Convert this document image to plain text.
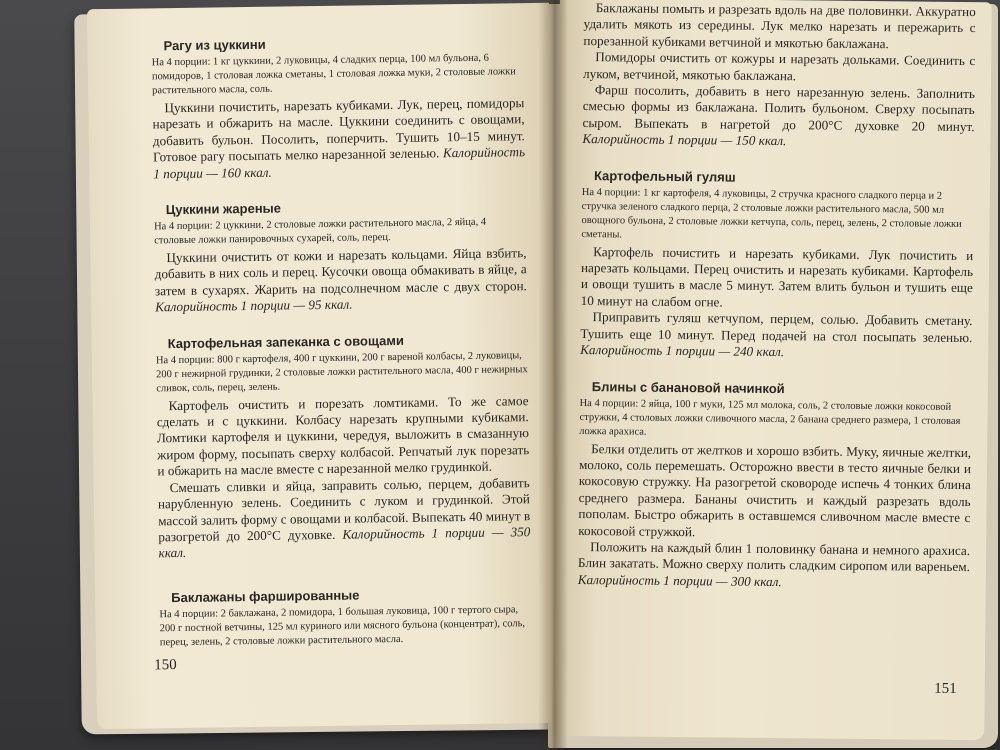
Рагу из цуккини

На 4 порции: 1 кг цуккини, 2 луковицы, 4 сладких перца, 100 мл бульона, 6 помидоров, 1 столовая ложка сметаны, 1 столовая ложка муки, 2 столовые ложки растительного масла, соль.

Цуккини почистить, нарезать кубиками. Лук, перец, помидоры нарезать и обжарить на масле. Цуккини соединить с овощами, добавить бульон. Посолить, поперчить. Тушить 10–15 минут. Готовое рагу посыпать мелко нарезанной зеленью. Калорийность 1 порции — 160 ккал.

Цуккини жареные

На 4 порции: 2 цуккини, 2 столовые ложки растительного масла, 2 яйца, 4 столовые ложки панировочных сухарей, соль, перец.

Цуккини очистить от кожи и нарезать кольцами. Яйца взбить, добавить в них соль и перец. Кусочки овоща обмакивать в яйце, а затем в сухарях. Жарить на подсолнечном масле с двух сторон. Калорийность 1 порции — 95 ккал.

Картофельная запеканка с овощами

На 4 порции: 800 г картофеля, 400 г цуккини, 200 г вареной колбасы, 2 луковицы, 200 г нежирной грудинки, 2 столовые ложки растительного масла, 400 г нежирных сливок, соль, перец, зелень.

Картофель очистить и порезать ломтиками. То же самое сделать и с цуккини. Колбасу нарезать крупными кубиками. Ломтики картофеля и цуккини, чередуя, выложить в смазанную жиром форму, посыпать сверху колбасой. Репчатый лук порезать и обжарить на масле вместе с нарезанной мелко грудинкой.

Смешать сливки и яйца, заправить солью, перцем, добавить нарубленную зелень. Соединить с луком и грудинкой. Этой массой залить форму с овощами и колбасой. Выпекать 40 минут в разогретой до 200°С духовке. Калорийность 1 порции — 350 ккал.

Баклажаны фаршированные

На 4 порции: 2 баклажана, 2 помидора, 1 большая луковица, 100 г тертого сыра, 200 г постной ветчины, 125 мл куриного или мясного бульона (концентрат), соль, перец, зелень, 2 столовые ложки растительного масла.

150

Баклажаны помыть и разрезать вдоль на две половинки. Аккуратно удалить мякоть из середины. Лук мелко нарезать и пережарить с порезанной кубиками ветчиной и мякотью баклажана.

Помидоры очистить от кожуры и нарезать дольками. Соединить с луком, ветчиной, мякотью баклажана.

Фарш посолить, добавить в него нарезанную зелень. Заполнить смесью формы из баклажана. Полить бульоном. Сверху посыпать сыром. Выпекать в нагретой до 200°С духовке 20 минут. Калорийность 1 порции — 150 ккал.

Картофельный гуляш

На 4 порции: 1 кг картофеля, 4 луковицы, 2 стручка красного сладкого перца и 2 стручка зеленого сладкого перца, 2 столовые ложки растительного масла, 500 мл овощного бульона, 2 столовые ложки кетчупа, соль, перец, зелень, 2 столовые ложки сметаны.

Картофель почистить и нарезать кубиками. Лук почистить и нарезать кольцами. Перец очистить и нарезать кубиками. Картофель и овощи тушить в масле 5 минут. Затем влить бульон и тушить еще 10 минут на слабом огне.

Приправить гуляш кетчупом, перцем, солью. Добавить сметану. Тушить еще 10 минут. Перед подачей на стол посыпать зеленью. Калорийность 1 порции — 240 ккал.

Блины с банановой начинкой

На 4 порции: 2 яйца, 100 г муки, 125 мл молока, соль, 2 столовые ложки кокосовой стружки, 4 столовых ложки сливочного масла, 2 банана среднего размера, 1 столовая ложка арахиса.

Белки отделить от желтков и хорошо взбить. Муку, яичные желтки, молоко, соль перемешать. Осторожно ввести в тесто яичные белки и кокосовую стружку. На разогретой сковороде испечь 4 тонких блина среднего размера. Бананы очистить и каждый разрезать вдоль пополам. Быстро обжарить в оставшемся сливочном масле вместе с кокосовой стружкой.

Положить на каждый блин 1 половинку банана и немного арахиса. Блин закатать. Можно сверху полить сладким сиропом или вареньем. Калорийность 1 порции — 300 ккал.

151
